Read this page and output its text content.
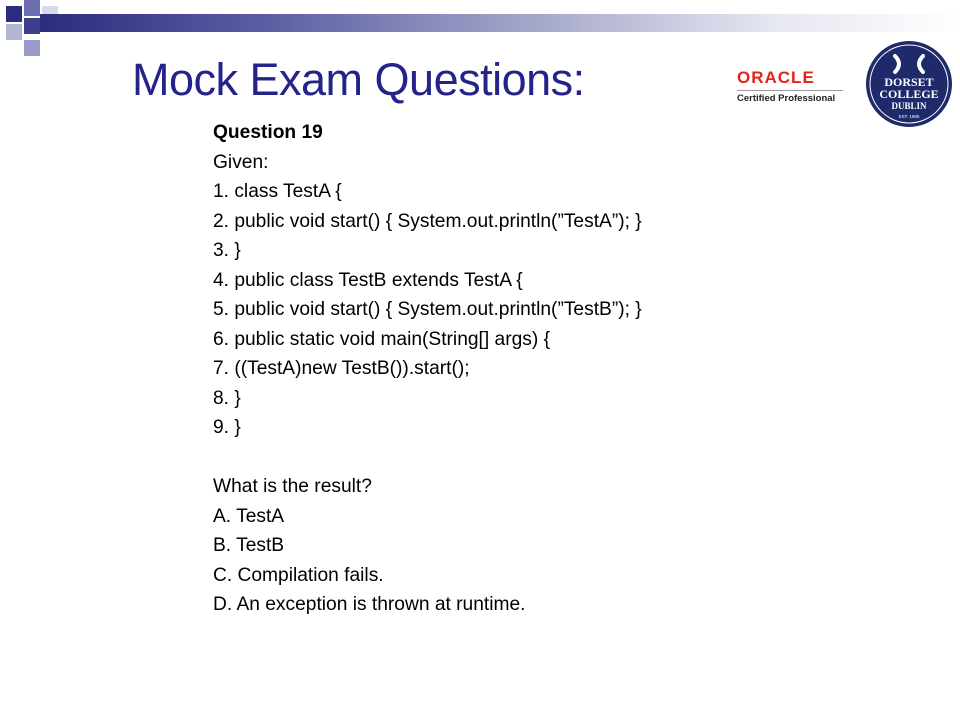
Mock Exam Questions:	ORACLE
Certified Professional
DORSET
COLLEGE
DUBLIN
EST. 1985
Question 19
Given:
1. class TestA {
2. public void start() { System.out.println(”TestA”); }
3. }
4. public class TestB extends TestA {
5. public void start() { System.out.println(”TestB”); }
6. public static void main(String[] args) {
7. ((TestA)new TestB()).start();
8. }
9. }
What is the result?
A. TestA
B. TestB
C. Compilation fails.
D. An exception is thrown at runtime.
